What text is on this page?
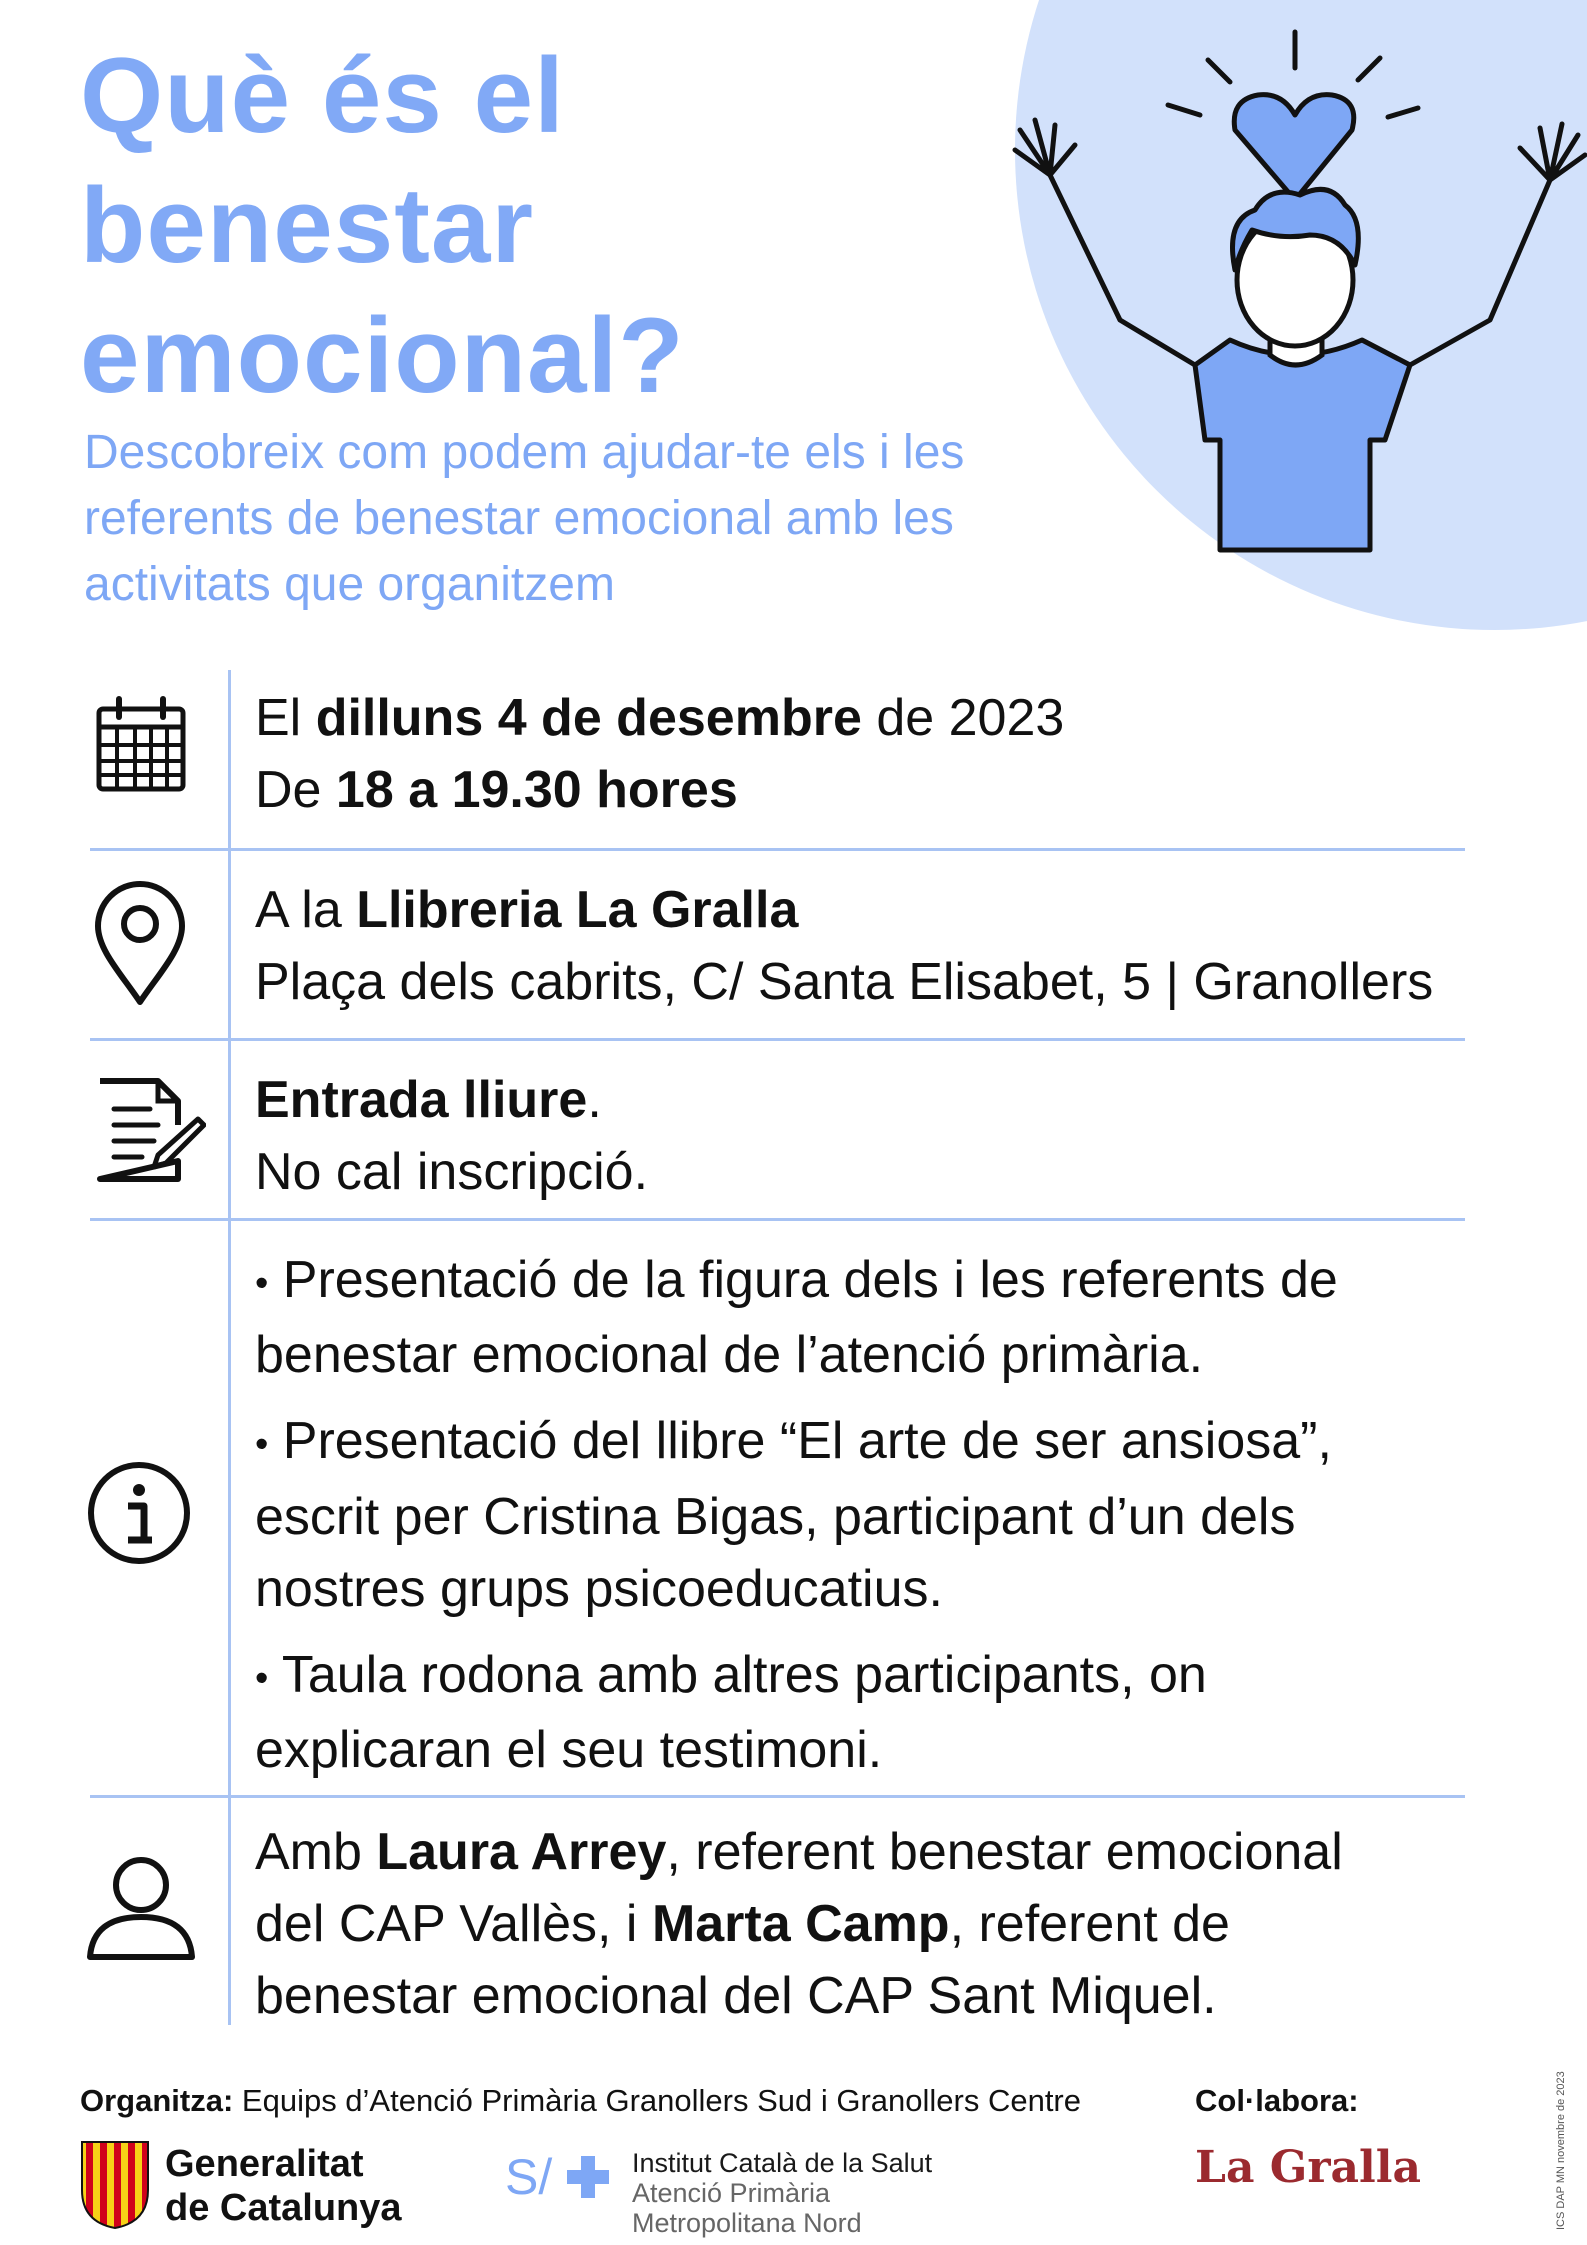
Què és el
benestar
emocional?

Descobreix com podem ajudar-te els i les
referents de benestar emocional amb les
activitats que organitzem

El dilluns 4 de desembre de 2023
De 18 a 19.30 hores
A la Llibreria La Gralla
Plaça dels cabrits, C/ Santa Elisabet, 5 | Granollers
Entrada lliure.
No cal inscripció.
• Presentació de la figura dels i les referents de
benestar emocional de l’atenció primària.
• Presentació del llibre “El arte de ser ansiosa”,
escrit per Cristina Bigas, participant d’un dels
nostres grups psicoeducatius.
• Taula rodona amb altres participants, on
explicaran el seu testimoni.
Amb Laura Arrey, referent benestar emocional
del CAP Vallès, i Marta Camp, referent de
benestar emocional del CAP Sant Miquel.
Organitza: Equips d’Atenció Primària Granollers Sud i Granollers Centre	Col·labora:
Generalitat
de Catalunya
S/	Institut Català de la Salut
Atenció Primària
Metropolitana Nord
La Gralla	ICS DAP MN novembre de 2023
